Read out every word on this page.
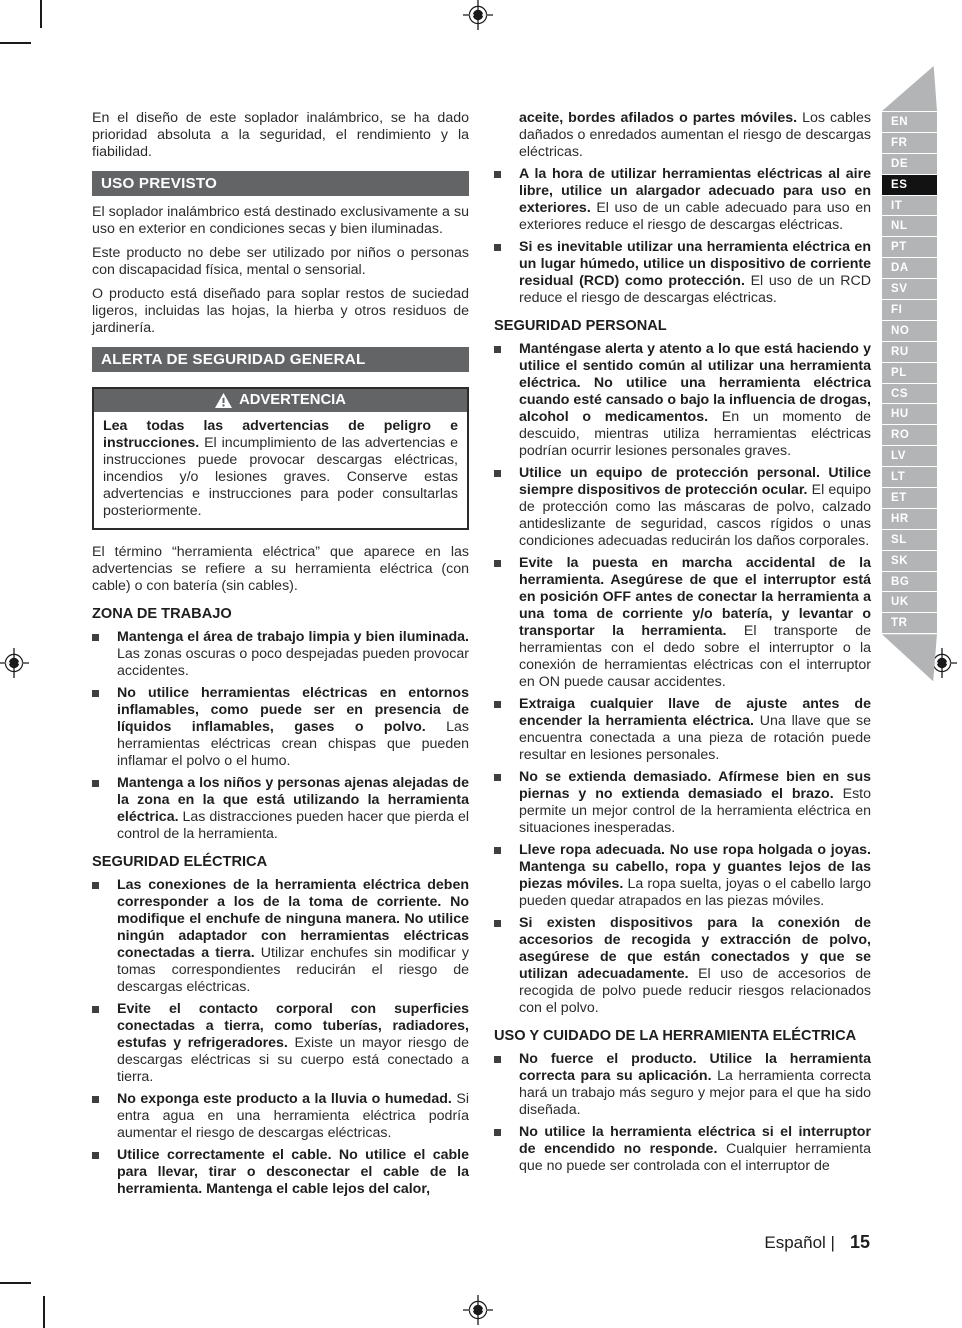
En el diseño de este soplador inalámbrico, se ha dado prioridad absoluta a la seguridad, el rendimiento y la fiabilidad.

USO PREVISTO

El soplador inalámbrico está destinado exclusivamente a su uso en exterior en condiciones secas y bien iluminadas.

Este producto no debe ser utilizado por niños o personas con discapacidad física, mental o sensorial.

O producto está diseñado para soplar restos de suciedad ligeros, incluidas las hojas, la hierba y otros residuos de jardinería.

ALERTA DE SEGURIDAD GENERAL
ADVERTENCIA

Lea todas las advertencias de peligro e instrucciones. El incumplimiento de las advertencias e instrucciones puede provocar descargas eléctricas, incendios y/o lesiones graves. Conserve estas advertencias e instrucciones para poder consultarlas posteriormente.

El término “herramienta eléctrica” que aparece en las advertencias se refiere a su herramienta eléctrica (con cable) o con batería (sin cables).

ZONA DE TRABAJO

Mantenga el área de trabajo limpia y bien iluminada. Las zonas oscuras o poco despejadas pueden provocar accidentes.

No utilice herramientas eléctricas en entornos inflamables, como puede ser en presencia de líquidos inflamables, gases o polvo. Las herramientas eléctricas crean chispas que pueden inflamar el polvo o el humo.

Mantenga a los niños y personas ajenas alejadas de la zona en la que está utilizando la herramienta eléctrica. Las distracciones pueden hacer que pierda el control de la herramienta.

SEGURIDAD ELÉCTRICA

Las conexiones de la herramienta eléctrica deben corresponder a los de la toma de corriente. No modifique el enchufe de ninguna manera. No utilice ningún adaptador con herramientas eléctricas conectadas a tierra. Utilizar enchufes sin modificar y tomas correspondientes reducirán el riesgo de descargas eléctricas.

Evite el contacto corporal con superficies conectadas a tierra, como tuberías, radiadores, estufas y refrigeradores. Existe un mayor riesgo de descargas eléctricas si su cuerpo está conectado a tierra.

No exponga este producto a la lluvia o humedad. Si entra agua en una herramienta eléctrica podría aumentar el riesgo de descargas eléctricas.

Utilice correctamente el cable. No utilice el cable para llevar, tirar o desconectar el cable de la herramienta. Mantenga el cable lejos del calor,

aceite, bordes afilados o partes móviles. Los cables dañados o enredados aumentan el riesgo de descargas eléctricas.

A la hora de utilizar herramientas eléctricas al aire libre, utilice un alargador adecuado para uso en exteriores. El uso de un cable adecuado para uso en exteriores reduce el riesgo de descargas eléctricas.

Si es inevitable utilizar una herramienta eléctrica en un lugar húmedo, utilice un dispositivo de corriente residual (RCD) como protección. El uso de un RCD reduce el riesgo de descargas eléctricas.

SEGURIDAD PERSONAL

Manténgase alerta y atento a lo que está haciendo y utilice el sentido común al utilizar una herramienta eléctrica. No utilice una herramienta eléctrica cuando esté cansado o bajo la influencia de drogas, alcohol o medicamentos. En un momento de descuido, mientras utiliza herramientas eléctricas podrían ocurrir lesiones personales graves.

Utilice un equipo de protección personal. Utilice siempre dispositivos de protección ocular. El equipo de protección como las máscaras de polvo, calzado antideslizante de seguridad, cascos rígidos o unas condiciones adecuadas reducirán los daños corporales.

Evite la puesta en marcha accidental de la herramienta. Asegúrese de que el interruptor está en posición OFF antes de conectar la herramienta a una toma de corriente y/o batería, y levantar o transportar la herramienta. El transporte de herramientas con el dedo sobre el interruptor o la conexión de herramientas eléctricas con el interruptor en ON puede causar accidentes.

Extraiga cualquier llave de ajuste antes de encender la herramienta eléctrica. Una llave que se encuentra conectada a una pieza de rotación puede resultar en lesiones personales.

No se extienda demasiado. Afírmese bien en sus piernas y no extienda demasiado el brazo. Esto permite un mejor control de la herramienta eléctrica en situaciones inesperadas.

Lleve ropa adecuada. No use ropa holgada o joyas. Mantenga su cabello, ropa y guantes lejos de las piezas móviles. La ropa suelta, joyas o el cabello largo pueden quedar atrapados en las piezas móviles.

Si existen dispositivos para la conexión de accesorios de recogida y extracción de polvo, asegúrese de que están conectados y que se utilizan adecuadamente. El uso de accesorios de recogida de polvo puede reducir riesgos relacionados con el polvo.

USO Y CUIDADO DE LA HERRAMIENTA ELÉCTRICA

No fuerce el producto. Utilice la herramienta correcta para su aplicación. La herramienta correcta hará un trabajo más seguro y mejor para el que ha sido diseñada.

No utilice la herramienta eléctrica si el interruptor de encendido no responde. Cualquier herramienta que no puede ser controlada con el interruptor de

EN
FR
DE
ES
IT
NL
PT
DA
SV
FI
NO
RU
PL
CS
HU
RO
LV
LT
ET
HR
SL
SK
BG
UK
TR
Español | 15
